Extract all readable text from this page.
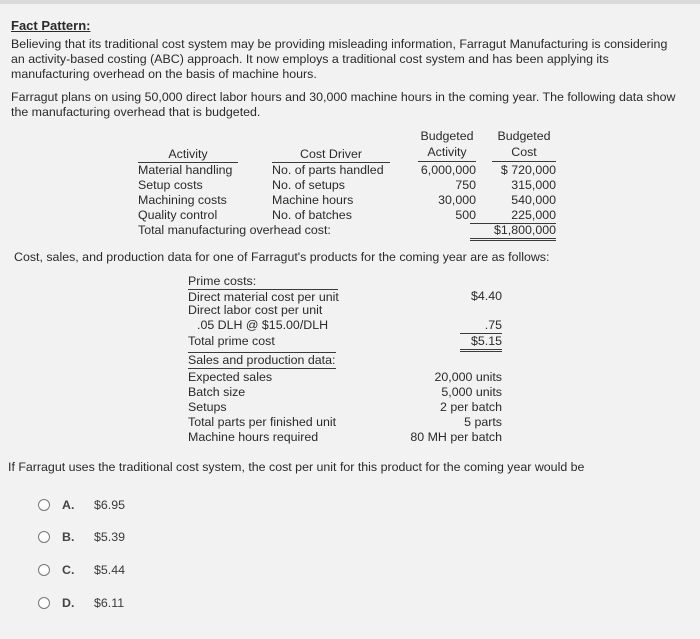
Fact Pattern:
Believing that its traditional cost system may be providing misleading information, Farragut Manufacturing is considering an activity-based costing (ABC) approach. It now employs a traditional cost system and has been applying its manufacturing overhead on the basis of machine hours.
Farragut plans on using 50,000 direct labor hours and 30,000 machine hours in the coming year. The following data show the manufacturing overhead that is budgeted.
Budgeted
Activity
Budgeted
Cost
Activity	Cost Driver
Material handling	No. of parts handled	6,000,000	$ 720,000
Setup costs	No. of setups	750	315,000
Machining costs	Machine hours	30,000	540,000
Quality control	No. of batches	500	225,000
Total manufacturing overhead cost:	$1,800,000
Cost, sales, and production data for one of Farragut's products for the coming year are as follows:
Prime costs:
Direct material cost per unit	$4.40
Direct labor cost per unit
.05 DLH @ $15.00/DLH	.75
Total prime cost	$5.15
Sales and production data:
Expected sales	20,000 units
Batch size	5,000 units
Setups	2 per batch
Total parts per finished unit	5 parts
Machine hours required	80 MH per batch
If Farragut uses the traditional cost system, the cost per unit for this product for the coming year would be
A. $6.95
B. $5.39
C. $5.44
D. $6.11
